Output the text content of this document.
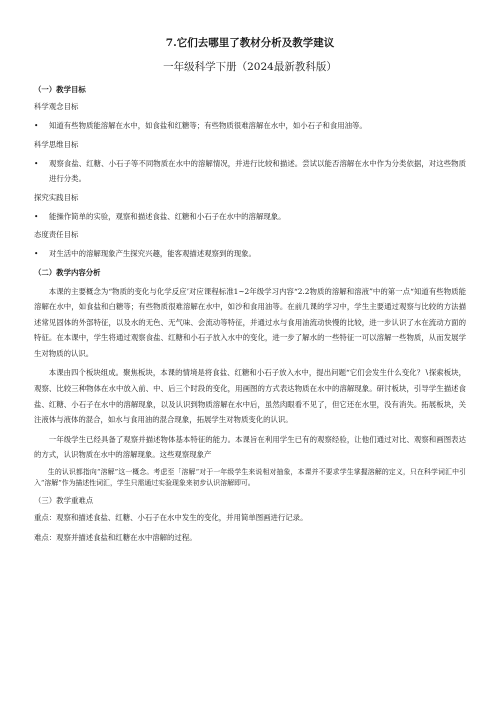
7.它们去哪里了教材分析及教学建议
一年级科学下册（2024最新教科版）
（一）教学目标
科学观念目标
•	知道有些物质能溶解在水中，如食盐和红糖等；有些物质很难溶解在水中，如小石子和食用油等。
科学思维目标
•	观察食盐、红糖、小石子等不同物质在水中的溶解情况，并进行比较和描述。尝试以能否溶解在水中作为分类依据，对这些物质进行分类。
探究实践目标
•	能操作简单的实验，观察和描述食盐、红糖和小石子在水中的溶解现象。
态度责任目标
•	对生活中的溶解现象产生探究兴趣，能客观描述观察到的现象。
（二）教学内容分析

本课的主要概念为“物质的变化与化学反应’对应课程标准1~2年级学习内容“2.2物质的溶解和溶液”中的第一点“知道有些物质能溶解在水中，如食盐和白糖等；有些物质很难溶解在水中，如沙和食用油等。在前几课的学习中，学生主要通过观察与比较的方法描述常见固体的外部特征，以及水的无色、无气味、会流动等特征，并通过水与食用油流动快慢的比较，进一步认识了水在流动方面的特征。在本课中，学生将通过观察食盐、红糖和小石子放入水中的变化，进一步了解水的一些特征一可以溶解一些物质，从而发展学生对物质的认识。

本课由四个板块组成。聚焦板块，本课的情境是将食盐、红糖和小石子放入水中，提出问题“它们会发生什么变化？∖探索板块，观察、比较三种物体在水中放入前、中、后三个时段的变化，用画图的方式表达物质在水中的溶解现象。研讨板块，引导学生描述食盐、红糖、小石子在水中的溶解现象，以及认识到物质溶解在水中后，虽然肉眼看不见了，但它还在水里，没有消失。拓展板块，关注液体与液体的混合，如水与食用油的混合现象，拓展学生对物质变化的认识。

一年级学生已经具备了观察并描述物体基本特征的能力。本课旨在利用学生已有的观察经验，让他们通过对比、观察和画图表达的方式，认识物质在水中的溶解现象。这些观察现象产

生的认识都指向“溶解”这一概念。考虑至「溶解“对于一年级学生来说相对抽象，本课并不要求学生掌握溶解的定义，只在科学词汇中引入“溶解”作为描述性词汇，学生只需通过实验现象来初步认识溶解即可。

（三）教学重难点
重点：观察和描述食盐、红糖、小石子在水中发生的变化，并用简单图画进行记录。
难点：观察并描述食盐和红糖在水中溶解的过程。
